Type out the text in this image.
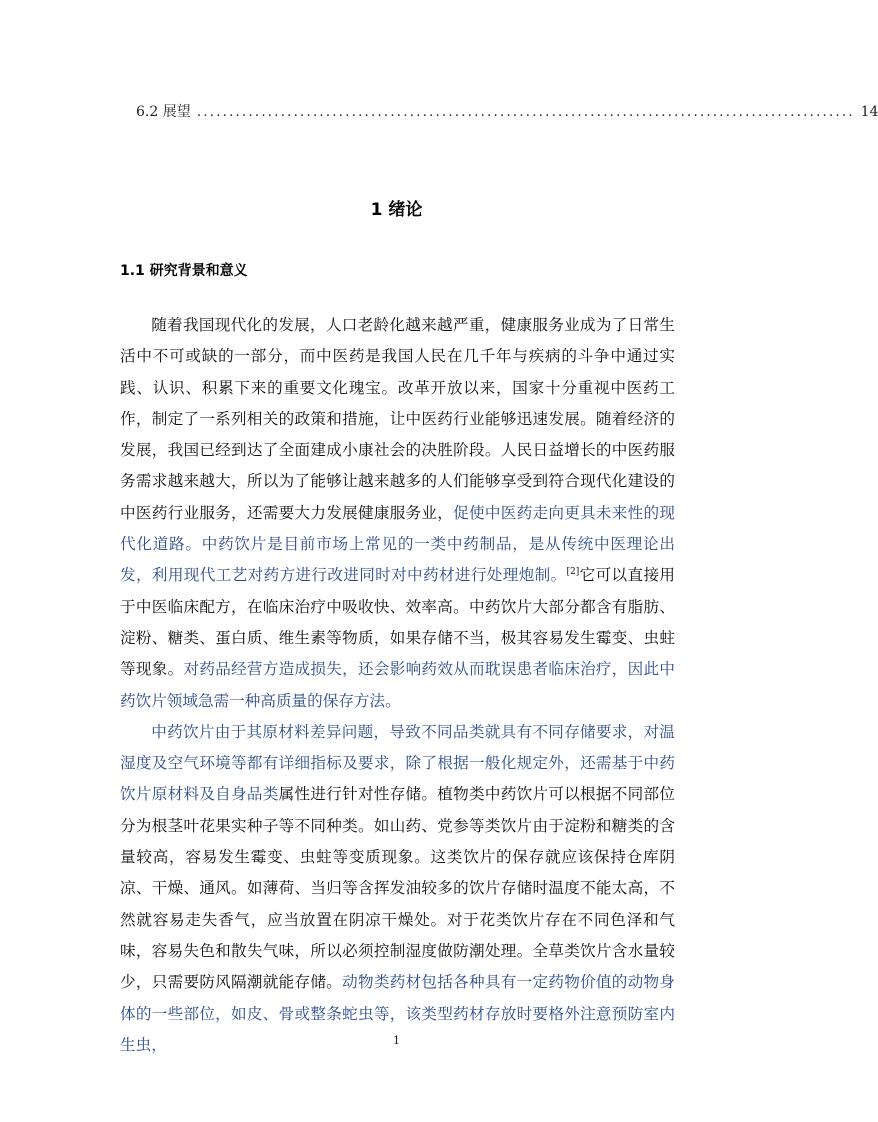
6.2 展望 ...................................................................................................... 14
1 绪论
1.1 研究背景和意义

随着我国现代化的发展，人口老龄化越来越严重，健康服务业成为了日常生活中不可或缺的一部分，而中医药是我国人民在几千年与疾病的斗争中通过实践、认识、积累下来的重要文化瑰宝。改革开放以来，国家十分重视中医药工作，制定了一系列相关的政策和措施，让中医药行业能够迅速发展。随着经济的发展，我国已经到达了全面建成小康社会的决胜阶段。人民日益增长的中医药服务需求越来越大，所以为了能够让越来越多的人们能够享受到符合现代化建设的中医药行业服务，还需要大力发展健康服务业，促使中医药走向更具未来性的现代化道路。中药饮片是目前市场上常见的一类中药制品，是从传统中医理论出发，利用现代工艺对药方进行改进同时对中药材进行处理炮制。[2]它可以直接用于中医临床配方，在临床治疗中吸收快、效率高。中药饮片大部分都含有脂肪、淀粉、糖类、蛋白质、维生素等物质，如果存储不当，极其容易发生霉变、虫蛀等现象。对药品经营方造成损失，还会影响药效从而耽误患者临床治疗，因此中药饮片领域急需一种高质量的保存方法。

中药饮片由于其原材料差异问题，导致不同品类就具有不同存储要求，对温湿度及空气环境等都有详细指标及要求，除了根据一般化规定外，还需基于中药饮片原材料及自身品类属性进行针对性存储。植物类中药饮片可以根据不同部位分为根茎叶花果实种子等不同种类。如山药、党参等类饮片由于淀粉和糖类的含量较高，容易发生霉变、虫蛀等变质现象。这类饮片的保存就应该保持仓库阴凉、干燥、通风。如薄荷、当归等含挥发油较多的饮片存储时温度不能太高，不然就容易走失香气，应当放置在阴凉干燥处。对于花类饮片存在不同色泽和气味，容易失色和散失气味，所以必须控制湿度做防潮处理。全草类饮片含水量较少，只需要防风隔潮就能存储。动物类药材包括各种具有一定药物价值的动物身体的一些部位，如皮、骨或整条蛇虫等，该类型药材存放时要格外注意预防室内生虫，	1
